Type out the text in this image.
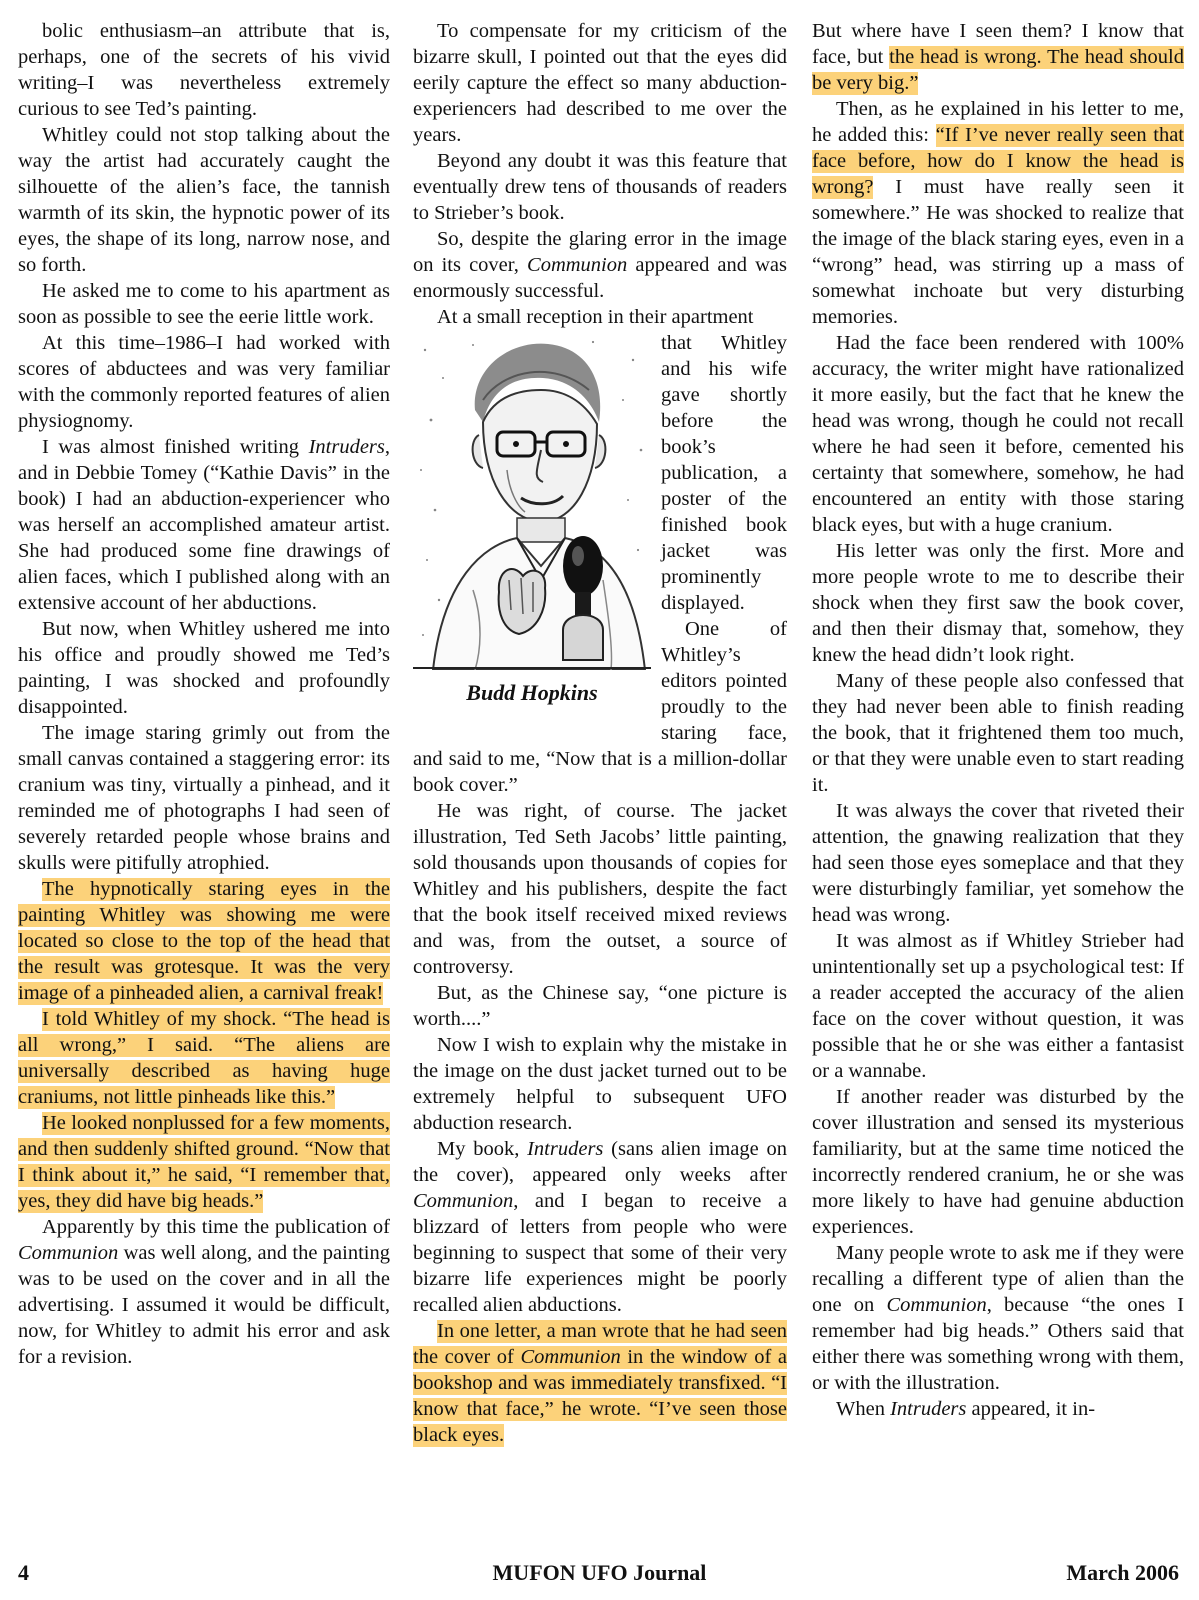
bolic enthusiasm–an attribute that is, perhaps, one of the secrets of his vivid writing–I was nevertheless extremely curious to see Ted’s painting.

Whitley could not stop talking about the way the artist had accurately caught the silhouette of the alien’s face, the tannish warmth of its skin, the hypnotic power of its eyes, the shape of its long, narrow nose, and so forth.

He asked me to come to his apartment as soon as possible to see the eerie little work.

At this time–1986–I had worked with scores of abductees and was very familiar with the commonly reported features of alien physiognomy.

I was almost finished writing Intruders, and in Debbie Tomey (“Kathie Davis” in the book) I had an abduction-experiencer who was herself an accomplished amateur artist. She had produced some fine drawings of alien faces, which I published along with an extensive account of her abductions.

But now, when Whitley ushered me into his office and proudly showed me Ted’s painting, I was shocked and profoundly disappointed.

The image staring grimly out from the small canvas contained a staggering error: its cranium was tiny, virtually a pinhead, and it reminded me of photographs I had seen of severely retarded people whose brains and skulls were pitifully atrophied.

The hypnotically staring eyes in the painting Whitley was showing me were located so close to the top of the head that the result was grotesque. It was the very image of a pinheaded alien, a carnival freak!

I told Whitley of my shock. “The head is all wrong,” I said. “The aliens are universally described as having huge craniums, not little pinheads like this.”

He looked nonplussed for a few moments, and then suddenly shifted ground. “Now that I think about it,” he said, “I remember that, yes, they did have big heads.”

Apparently by this time the publication of Communion was well along, and the painting was to be used on the cover and in all the advertising. I assumed it would be difficult, now, for Whitley to admit his error and ask for a revision.

To compensate for my criticism of the bizarre skull, I pointed out that the eyes did eerily capture the effect so many abduction-experiencers had described to me over the years.

Beyond any doubt it was this feature that eventually drew tens of thousands of readers to Strieber’s book.

So, despite the glaring error in the image on its cover, Communion appeared and was enormously successful.

At a small reception in their apartment

Budd Hopkins

that Whitley and his wife gave shortly before the book’s publication, a poster of the finished book jacket was prominently displayed.

One of Whitley’s editors pointed proudly to the staring face, and said to me, “Now that is a million-dollar book cover.”

He was right, of course. The jacket illustration, Ted Seth Jacobs’ little painting, sold thousands upon thousands of copies for Whitley and his publishers, despite the fact that the book itself received mixed reviews and was, from the outset, a source of controversy.

But, as the Chinese say, “one picture is worth....”

Now I wish to explain why the mistake in the image on the dust jacket turned out to be extremely helpful to subsequent UFO abduction research.

My book, Intruders (sans alien image on the cover), appeared only weeks after Communion, and I began to receive a blizzard of letters from people who were beginning to suspect that some of their very bizarre life experiences might be poorly recalled alien abductions.

In one letter, a man wrote that he had seen the cover of Communion in the window of a bookshop and was immediately transfixed. “I know that face,” he wrote. “I’ve seen those black eyes.

But where have I seen them? I know that face, but the head is wrong. The head should be very big.”

Then, as he explained in his letter to me, he added this: “If I’ve never really seen that face before, how do I know the head is wrong? I must have really seen it somewhere.” He was shocked to realize that the image of the black staring eyes, even in a “wrong” head, was stirring up a mass of somewhat inchoate but very disturbing memories.

Had the face been rendered with 100% accuracy, the writer might have rationalized it more easily, but the fact that he knew the head was wrong, though he could not recall where he had seen it before, cemented his certainty that somewhere, somehow, he had encountered an entity with those staring black eyes, but with a huge cranium.

His letter was only the first. More and more people wrote to me to describe their shock when they first saw the book cover, and then their dismay that, somehow, they knew the head didn’t look right.

Many of these people also confessed that they had never been able to finish reading the book, that it frightened them too much, or that they were unable even to start reading it.

It was always the cover that riveted their attention, the gnawing realization that they had seen those eyes someplace and that they were disturbingly familiar, yet somehow the head was wrong.

It was almost as if Whitley Strieber had unintentionally set up a psychological test: If a reader accepted the accuracy of the alien face on the cover without question, it was possible that he or she was either a fantasist or a wannabe.

If another reader was disturbed by the cover illustration and sensed its mysterious familiarity, but at the same time noticed the incorrectly rendered cranium, he or she was more likely to have had genuine abduction experiences.

Many people wrote to ask me if they were recalling a different type of alien than the one on Communion, because “the ones I remember had big heads.” Others said that either there was something wrong with them, or with the illustration.

When Intruders appeared, it in-

4	MUFON UFO Journal	March 2006
